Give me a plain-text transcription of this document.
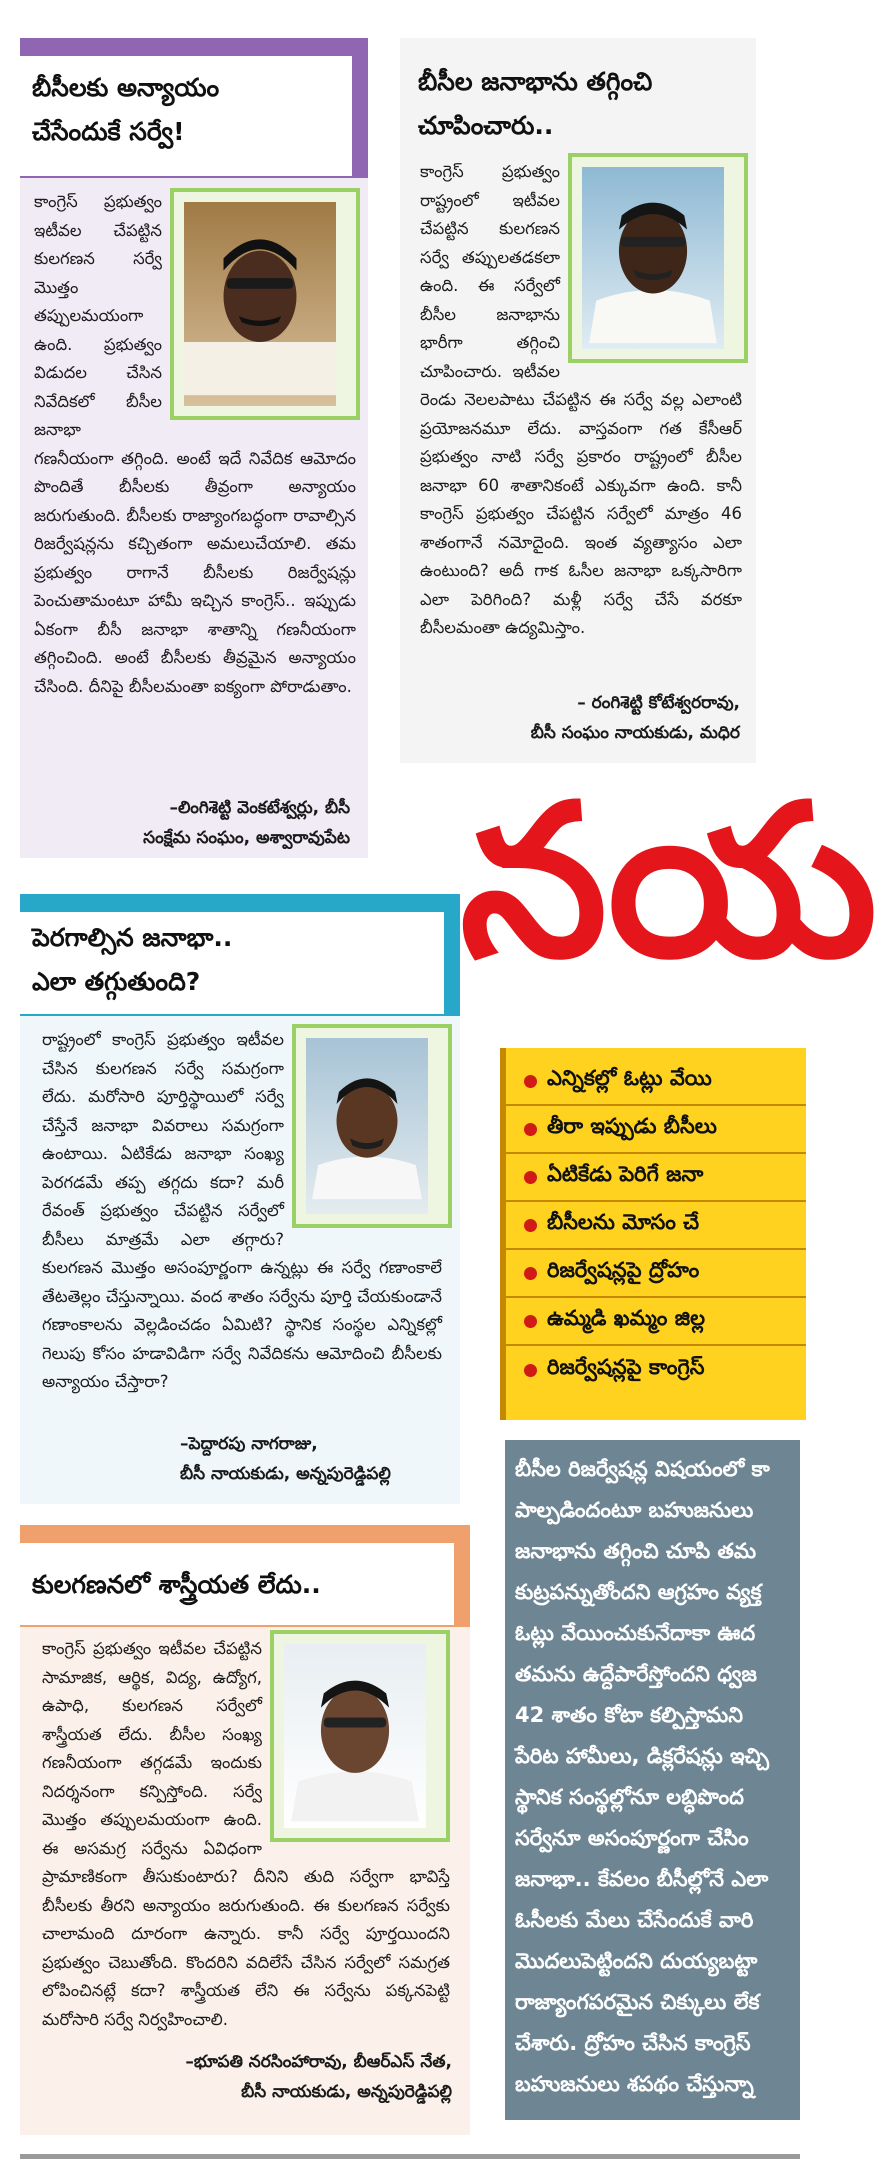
బీసీలకు అన్యాయం
చేసేందుకే సర్వే!
కాంగ్రెస్ ప్రభుత్వం ఇటీవల చేపట్టిన కులగణన సర్వే మొత్తం తప్పులమయంగా ఉంది. ప్రభుత్వం విడుదల చేసిన నివేదికలో బీసీల జనాభా గణనీయంగా తగ్గింది. అంటే ఇదే నివేదిక ఆమోదం పొందితే బీసీలకు తీవ్రంగా అన్యాయం జరుగుతుంది. బీసీలకు రాజ్యాంగబద్ధంగా రావాల్సిన రిజర్వేషన్లను కచ్చితంగా అమలుచేయాలి. తమ ప్రభుత్వం రాగానే బీసీలకు రిజర్వేషన్లు పెంచుతామంటూ హామీ ఇచ్చిన కాంగ్రెస్.. ఇప్పుడు ఏకంగా బీసీ జనాభా శాతాన్ని గణనీయంగా తగ్గించింది. అంటే బీసీలకు తీవ్రమైన అన్యాయం చేసింది. దీనిపై బీసీలమంతా ఐక్యంగా పోరాడుతాం.
–లింగిశెట్టి వెంకటేశ్వర్లు, బీసీ
సంక్షేమ సంఘం, అశ్వారావుపేట
బీసీల జనాభాను తగ్గించి
చూపించారు..
కాంగ్రెస్ ప్రభుత్వం రాష్ట్రంలో ఇటీవల చేపట్టిన కులగణన సర్వే తప్పులతడకలా ఉంది. ఈ సర్వేలో బీసీల జనాభాను భారీగా తగ్గించి చూపించారు. ఇటీవల రెండు నెలలపాటు చేపట్టిన ఈ సర్వే వల్ల ఎలాంటి ప్రయోజనమూ లేదు. వాస్తవంగా గత కేసీఆర్ ప్రభుత్వం నాటి సర్వే ప్రకారం రాష్ట్రంలో బీసీల జనాభా 60 శాతానికంటే ఎక్కువగా ఉంది. కానీ కాంగ్రెస్ ప్రభుత్వం చేపట్టిన సర్వేలో మాత్రం 46 శాతంగానే నమోదైంది. ఇంత వ్యత్యాసం ఎలా ఉంటుంది? అదీ గాక ఓసీల జనాభా ఒక్కసారిగా ఎలా పెరిగింది? మళ్లీ సర్వే చేసే వరకూ బీసీలమంతా ఉద్యమిస్తాం.
– రంగిశెట్టి కోటేశ్వరరావు,
బీసీ సంఘం నాయకుడు, మధిర
నయ
పెరగాల్సిన జనాభా..
ఎలా తగ్గుతుంది?
రాష్ట్రంలో కాంగ్రెస్ ప్రభుత్వం ఇటీవల చేసిన కులగణన సర్వే సమగ్రంగా లేదు. మరోసారి పూర్తిస్థాయిలో సర్వే చేస్తేనే జనాభా వివరాలు సమగ్రంగా ఉంటాయి. ఏటికేడు జనాభా సంఖ్య పెరగడమే తప్ప తగ్గదు కదా? మరీ రేవంత్ ప్రభుత్వం చేపట్టిన సర్వేలో బీసీలు మాత్రమే ఎలా తగ్గారు? కులగణన మొత్తం అసంపూర్ణంగా ఉన్నట్లు ఈ సర్వే గణాంకాలే తేటతెల్లం చేస్తున్నాయి. వంద శాతం సర్వేను పూర్తి చేయకుండానే గణాంకాలను వెల్లడించడం ఏమిటి? స్థానిక సంస్థల ఎన్నికల్లో గెలుపు కోసం హడావిడిగా సర్వే నివేదికను ఆమోదించి బీసీలకు అన్యాయం చేస్తారా?
–పెద్దారపు నాగరాజు,
బీసీ నాయకుడు, అన్నపురెడ్డిపల్లి
ఎన్నికల్లో ఓట్లు వేయి
తీరా ఇప్పుడు బీసీలు
ఏటికేడు పెరిగే జనా
బీసీలను మోసం చే
రిజర్వేషన్లపై ద్రోహం
ఉమ్మడి ఖమ్మం జిల్ల
రిజర్వేషన్లపై కాంగ్రెస్
బీసీల రిజర్వేషన్ల విషయంలో కా
పాల్పడిందంటూ బహుజనులు
జనాభాను తగ్గించి చూపి తమ
కుట్రపన్నుతోందని ఆగ్రహం వ్యక్త
ఓట్లు వేయించుకునేదాకా ఊద
తమను ఉద్దేపారేస్తోందని ధ్వజ
42 శాతం కోటా కల్పిస్తామని
పేరిట హామీలు, డిక్లరేషన్లు ఇచ్చి
స్థానిక సంస్థల్లోనూ లబ్ధిపొంద
సర్వేనూ అసంపూర్ణంగా చేసిం
జనాభా.. కేవలం బీసీల్లోనే ఎలా
ఓసీలకు మేలు చేసేందుకే వారి
మొదలుపెట్టిందని దుయ్యబట్టా
రాజ్యాంగపరమైన చిక్కులు లేక
చేశారు. ద్రోహం చేసిన కాంగ్రెస్
బహుజనులు శపథం చేస్తున్నా
కులగణనలో శాస్త్రీయత లేదు..
కాంగ్రెస్ ప్రభుత్వం ఇటీవల చేపట్టిన సామాజిక, ఆర్థిక, విద్య, ఉద్యోగ, ఉపాధి, కులగణన సర్వేలో శాస్త్రీయత లేదు. బీసీల సంఖ్య గణనీయంగా తగ్గడమే ఇందుకు నిదర్శనంగా కన్పిస్తోంది. సర్వే మొత్తం తప్పులమయంగా ఉంది. ఈ అసమగ్ర సర్వేను ఏవిధంగా ప్రామాణికంగా తీసుకుంటారు? దీనిని తుది సర్వేగా భావిస్తే బీసీలకు తీరని అన్యాయం జరుగుతుంది. ఈ కులగణన సర్వేకు చాలామంది దూరంగా ఉన్నారు. కానీ సర్వే పూర్తయిందని ప్రభుత్వం చెబుతోంది. కొందరిని వదిలేసే చేసిన సర్వేలో సమగ్రత లోపించినట్లే కదా? శాస్త్రీయత లేని ఈ సర్వేను పక్కనపెట్టి మరోసారి సర్వే నిర్వహించాలి.
–భూపతి నరసింహారావు, బీఆర్ఎస్ నేత,
బీసీ నాయకుడు, అన్నపురెడ్డిపల్లి
